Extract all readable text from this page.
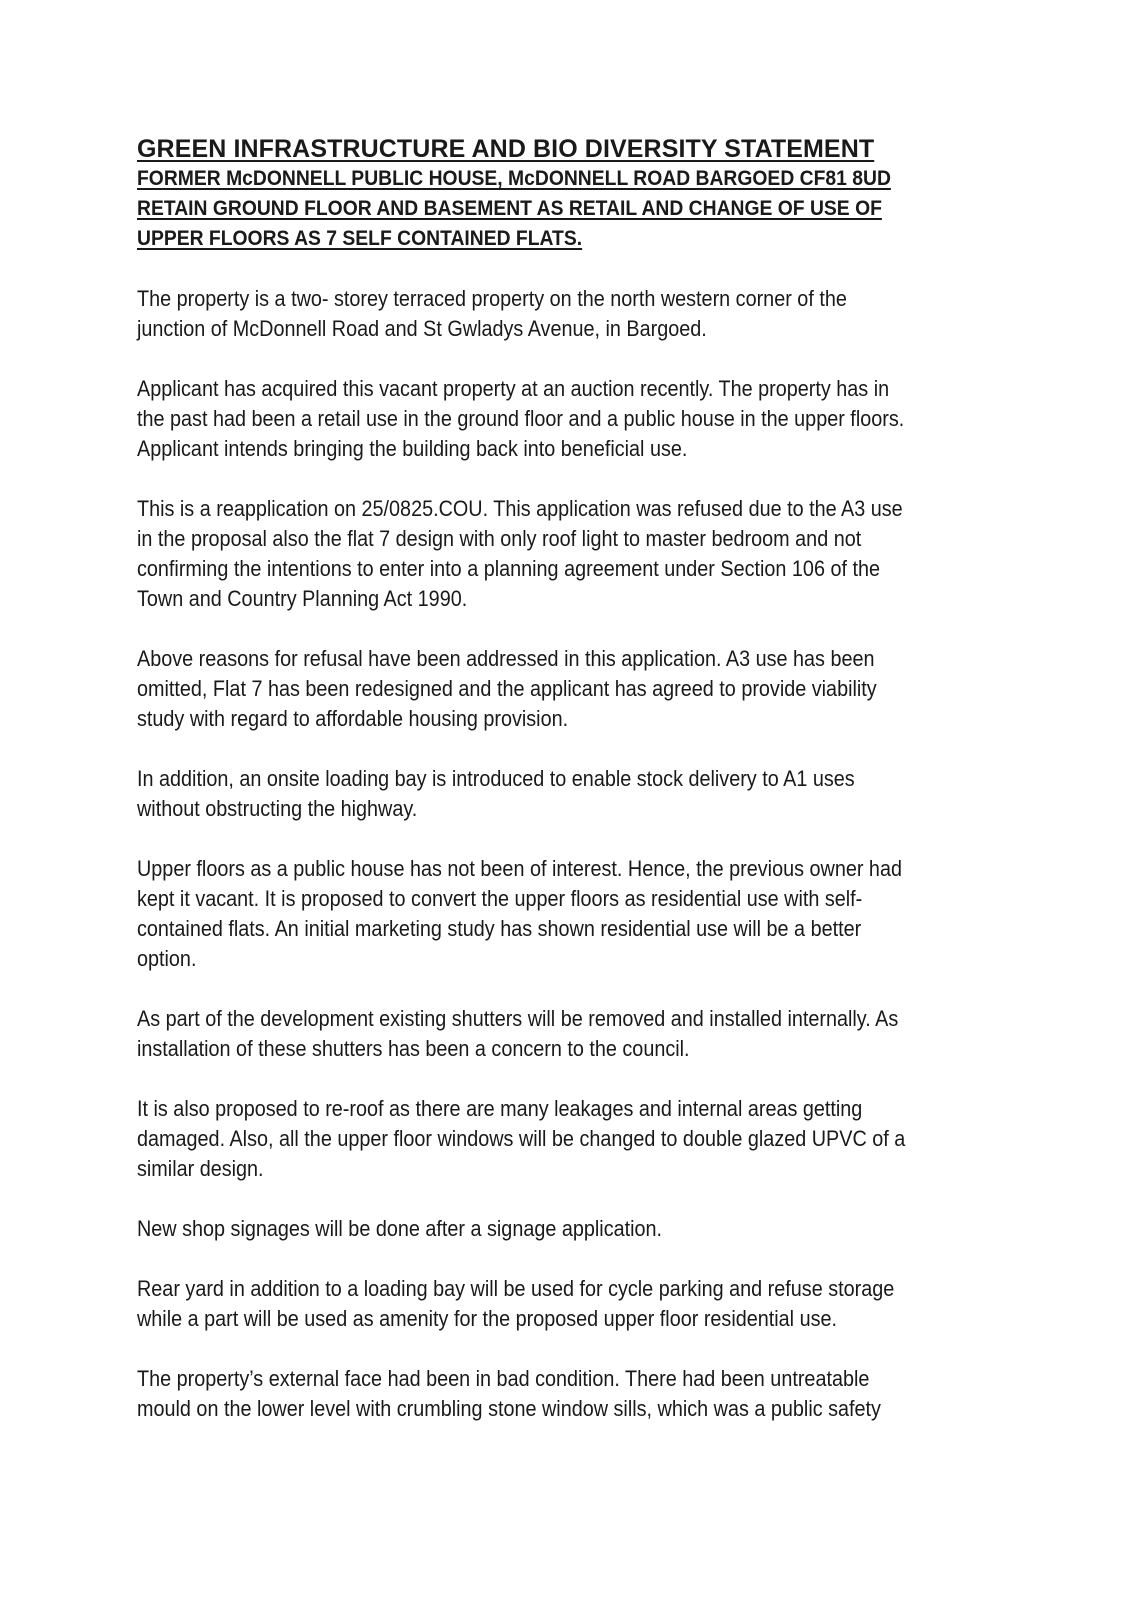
GREEN INFRASTRUCTURE AND BIO DIVERSITY STATEMENT

FORMER McDONNELL PUBLIC HOUSE, McDONNELL ROAD BARGOED CF81 8UD

RETAIN GROUND FLOOR AND BASEMENT AS RETAIL AND CHANGE OF USE OF

UPPER FLOORS AS 7 SELF CONTAINED FLATS.

The property is a two- storey terraced property on the north western corner of the
junction of McDonnell Road and St Gwladys Avenue, in Bargoed.

Applicant has acquired this vacant property at an auction recently. The property has in
the past had been a retail use in the ground floor and a public house in the upper floors.
Applicant intends bringing the building back into beneficial use.

This is a reapplication on 25/0825.COU. This application was refused due to the A3 use
in the proposal also the flat 7 design with only roof light to master bedroom and not
confirming the intentions to enter into a planning agreement under Section 106 of the
Town and Country Planning Act 1990.

Above reasons for refusal have been addressed in this application. A3 use has been
omitted, Flat 7 has been redesigned and the applicant has agreed to provide viability
study with regard to affordable housing provision.

In addition, an onsite loading bay is introduced to enable stock delivery to A1 uses
without obstructing the highway.

Upper floors as a public house has not been of interest. Hence, the previous owner had
kept it vacant. It is proposed to convert the upper floors as residential use with self-
contained flats. An initial marketing study has shown residential use will be a better
option.

As part of the development existing shutters will be removed and installed internally. As
installation of these shutters has been a concern to the council.

It is also proposed to re-roof as there are many leakages and internal areas getting
damaged. Also, all the upper floor windows will be changed to double glazed UPVC of a
similar design.

New shop signages will be done after a signage application.

Rear yard in addition to a loading bay will be used for cycle parking and refuse storage
while a part will be used as amenity for the proposed upper floor residential use.

The property’s external face had been in bad condition. There had been untreatable
mould on the lower level with crumbling stone window sills, which was a public safety
